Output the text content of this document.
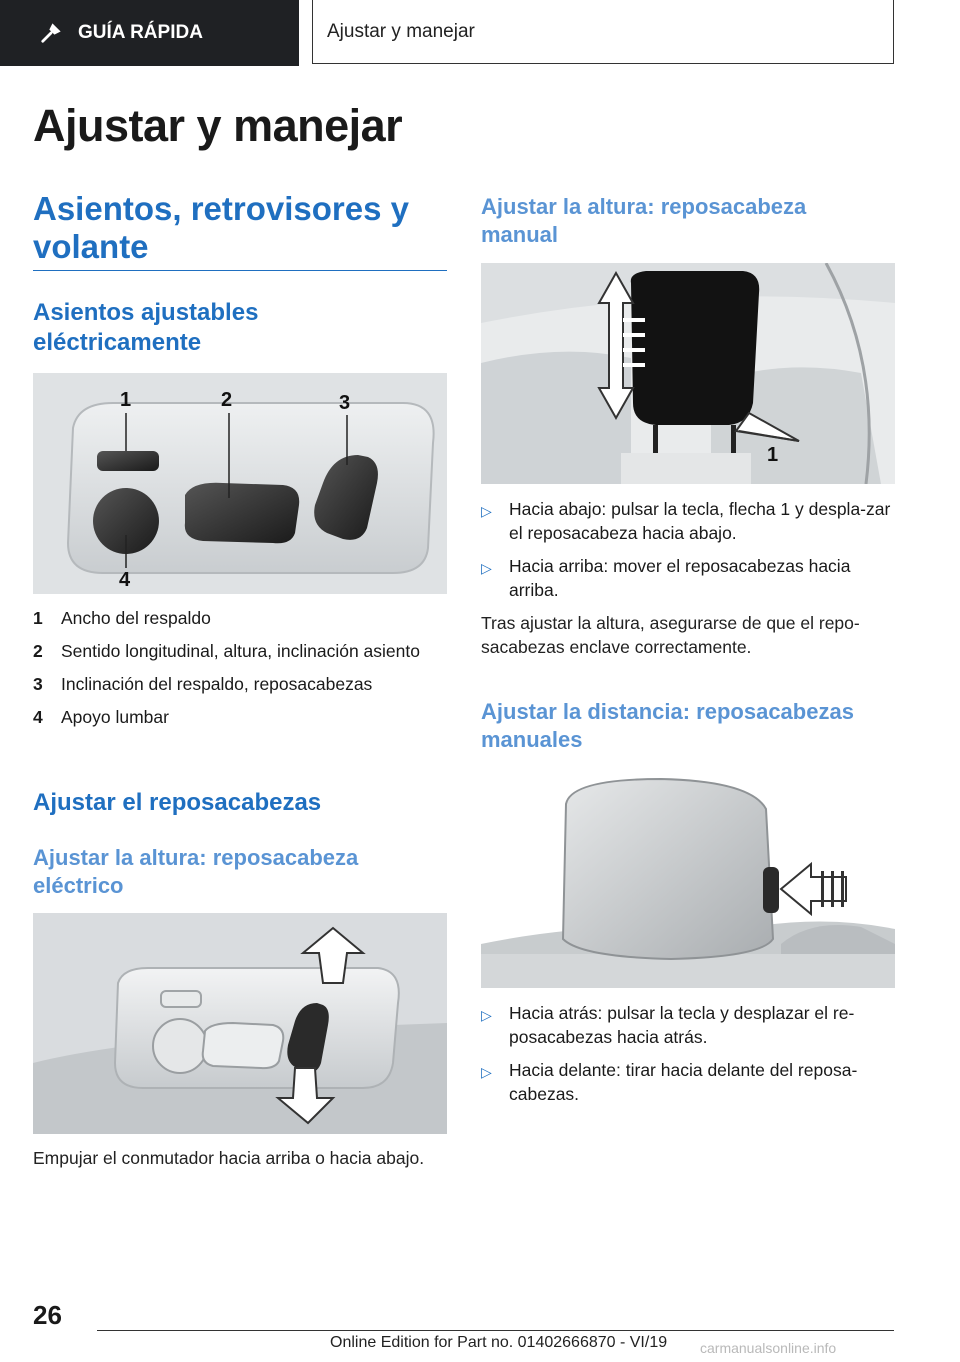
GUÍA RÁPIDA	Ajustar y manejar
Ajustar y manejar
Asientos, retrovisores y volante
Asientos ajustables
eléctricamente
1	2	3
4
1	Ancho del respaldo
2	Sentido longitudinal, altura, inclinación asiento
3	Inclinación del respaldo, reposacabezas
4	Apoyo lumbar
Ajustar el reposacabezas
Ajustar la altura: reposacabeza
eléctrico

Empujar el conmutador hacia arriba o hacia abajo.

Ajustar la altura: reposacabeza
manual
1
▷ Hacia abajo: pulsar la tecla, flecha 1 y despla‐zar el reposacabeza hacia abajo.
▷ Hacia arriba: mover el reposacabezas hacia arriba.

Tras ajustar la altura, asegurarse de que el repo‐sacabezas enclave correctamente.

Ajustar la distancia: reposacabezas
manuales
▷ Hacia atrás: pulsar la tecla y desplazar el re‐posacabezas hacia atrás.
▷ Hacia delante: tirar hacia delante del reposa‐cabezas.
26
Online Edition for Part no. 01402666870 - VI/19 carmanualsonline.info
